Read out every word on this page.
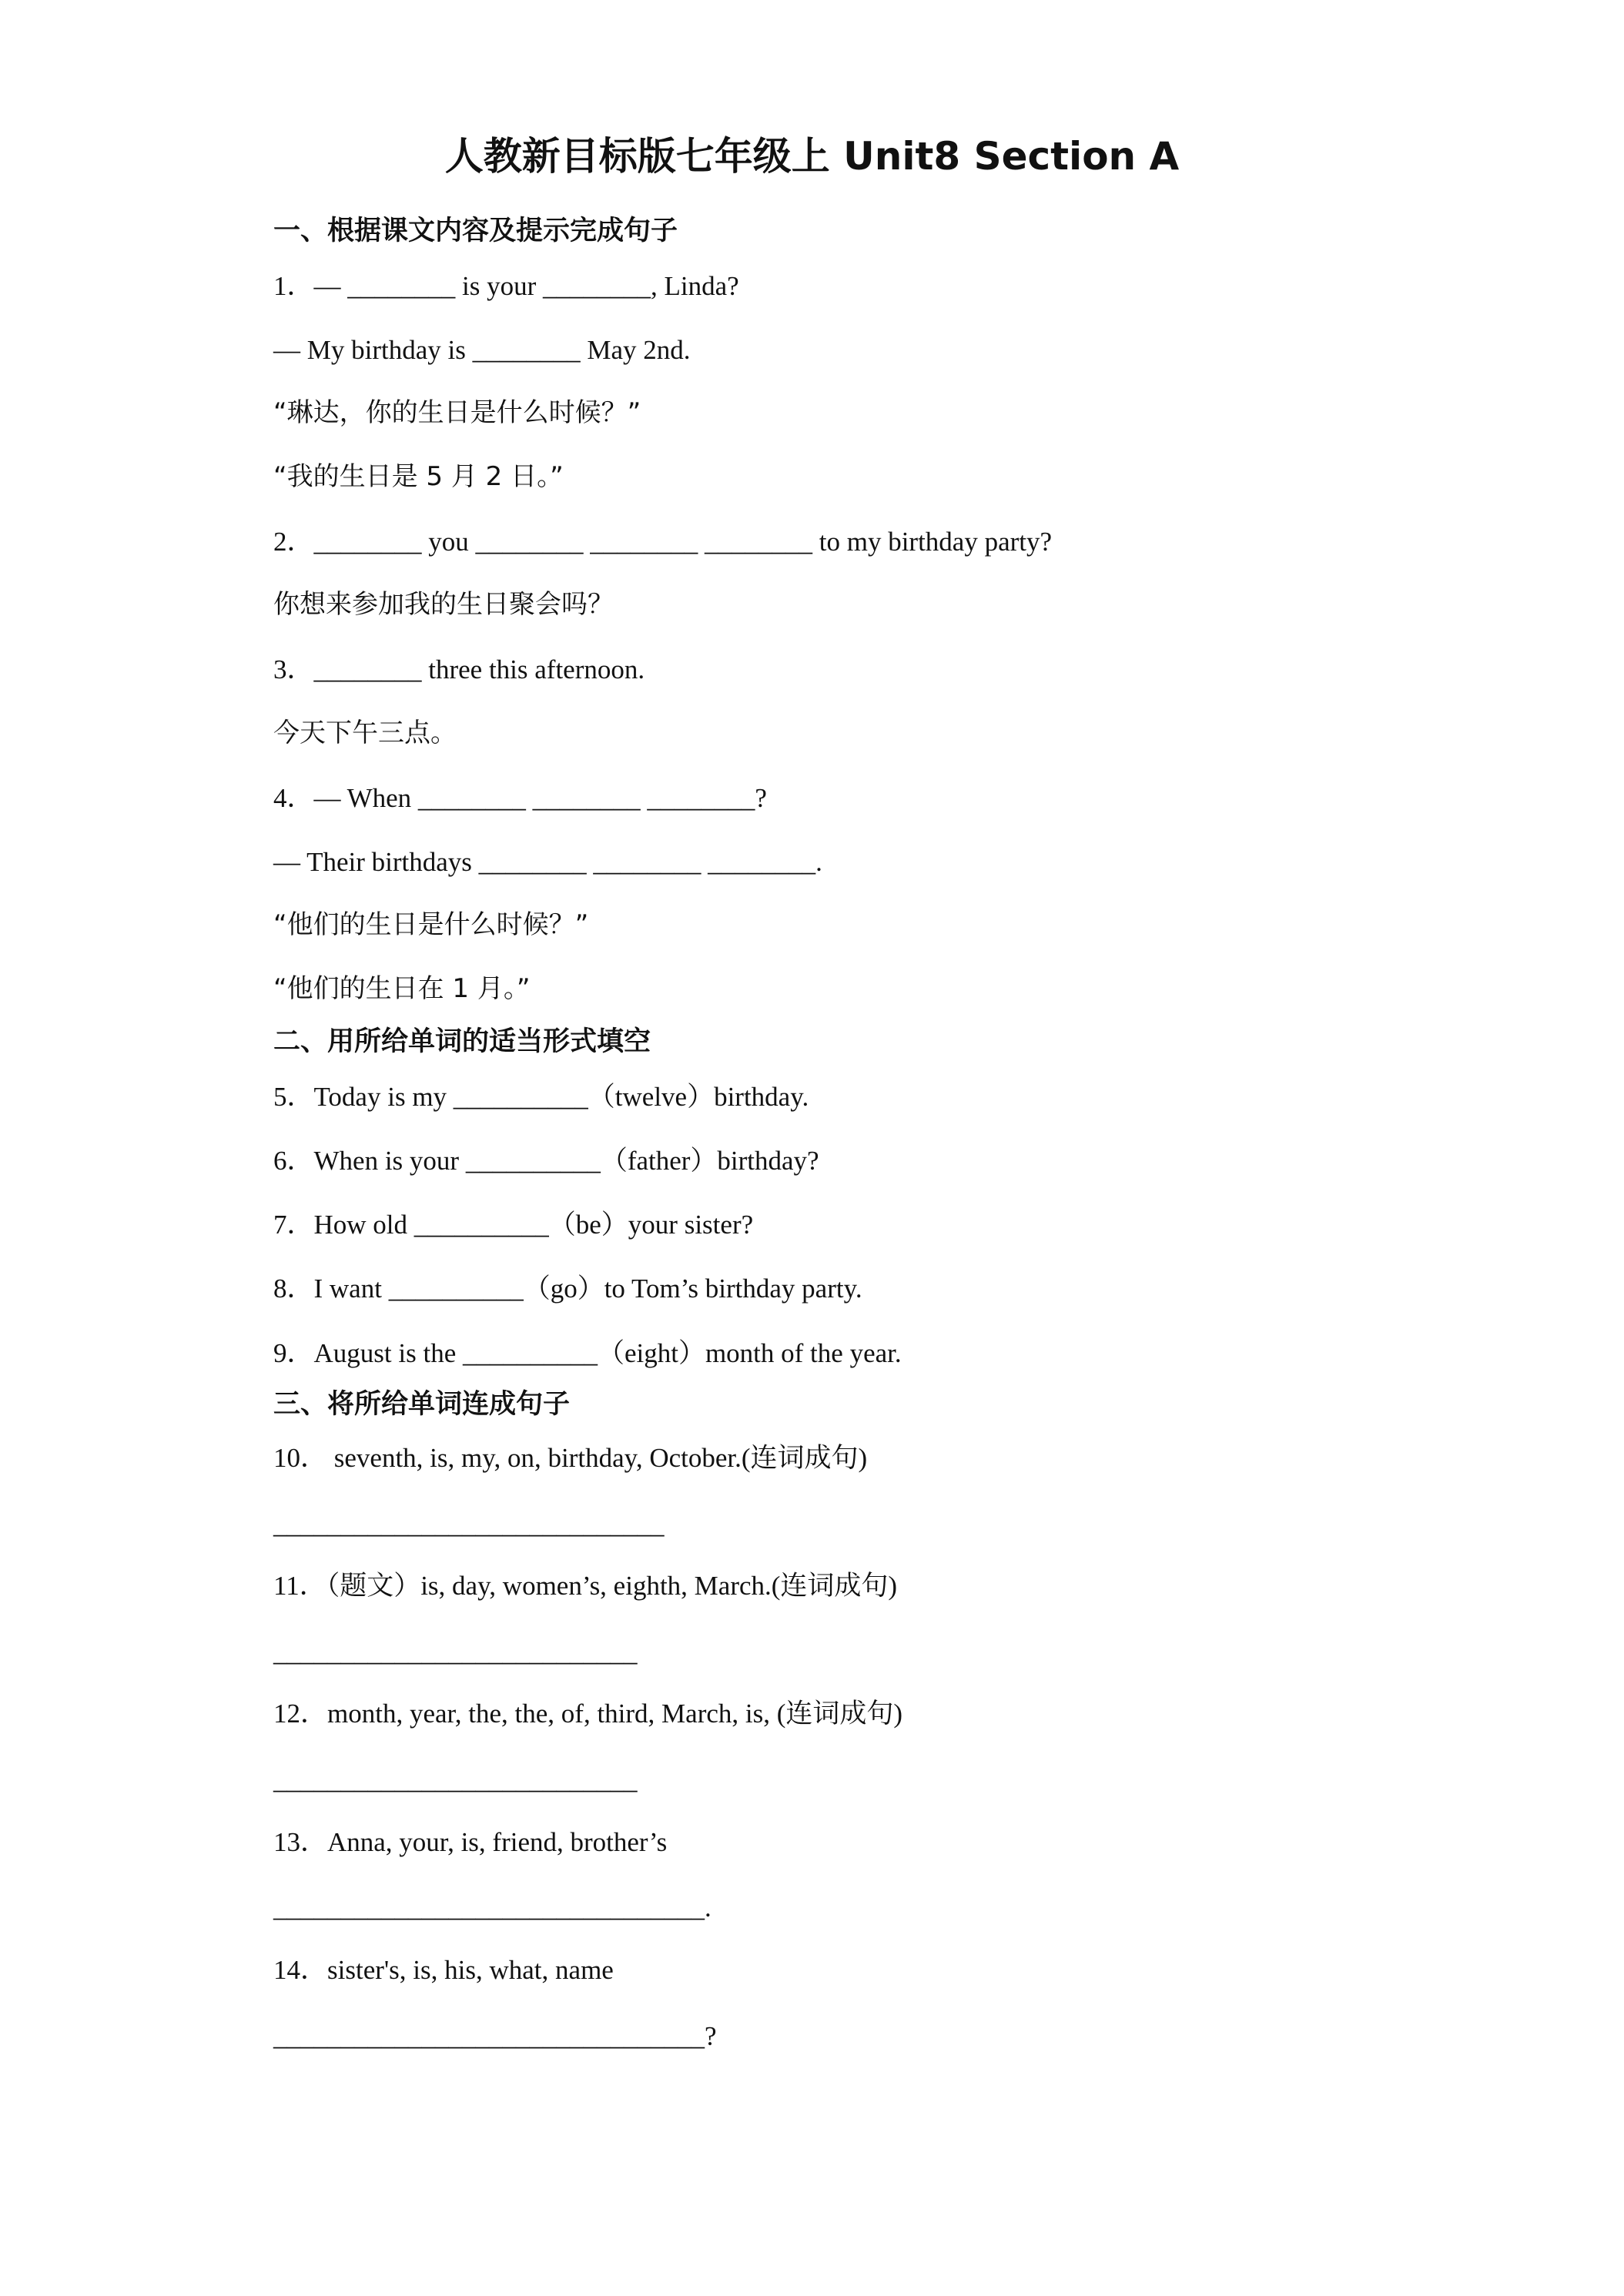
人教新目标版七年级上 Unit8 Section A
一、根据课文内容及提示完成句子
1．— ________ is your ________, Linda?
— My birthday is ________ May 2nd.
“琳达，你的生日是什么时候？”
“我的生日是 5 月 2 日。”
2．________ you ________ ________ ________ to my birthday party?
你想来参加我的生日聚会吗？
3．________ three this afternoon.
今天下午三点。
4．— When ________ ________ ________?
— Their birthdays ________ ________ ________.
“他们的生日是什么时候？”
“他们的生日在 1 月。”
二、用所给单词的适当形式填空
5．Today is my __________（twelve）birthday.
6．When is your __________（father）birthday?
7．How old __________（be）your sister?
8．I want __________（go）to Tom’s birthday party.
9．August is the __________（eight）month of the year.
三、将所给单词连成句子
10． seventh, is, my, on, birthday, October.(连词成句)
_____________________________
11．（题文）is, day, women’s, eighth, March.(连词成句)
___________________________
12．month, year, the, the, of, third, March, is, (连词成句)
___________________________
13．Anna, your, is, friend, brother’s
________________________________.
14．sister's, is, his, what, name
________________________________?
